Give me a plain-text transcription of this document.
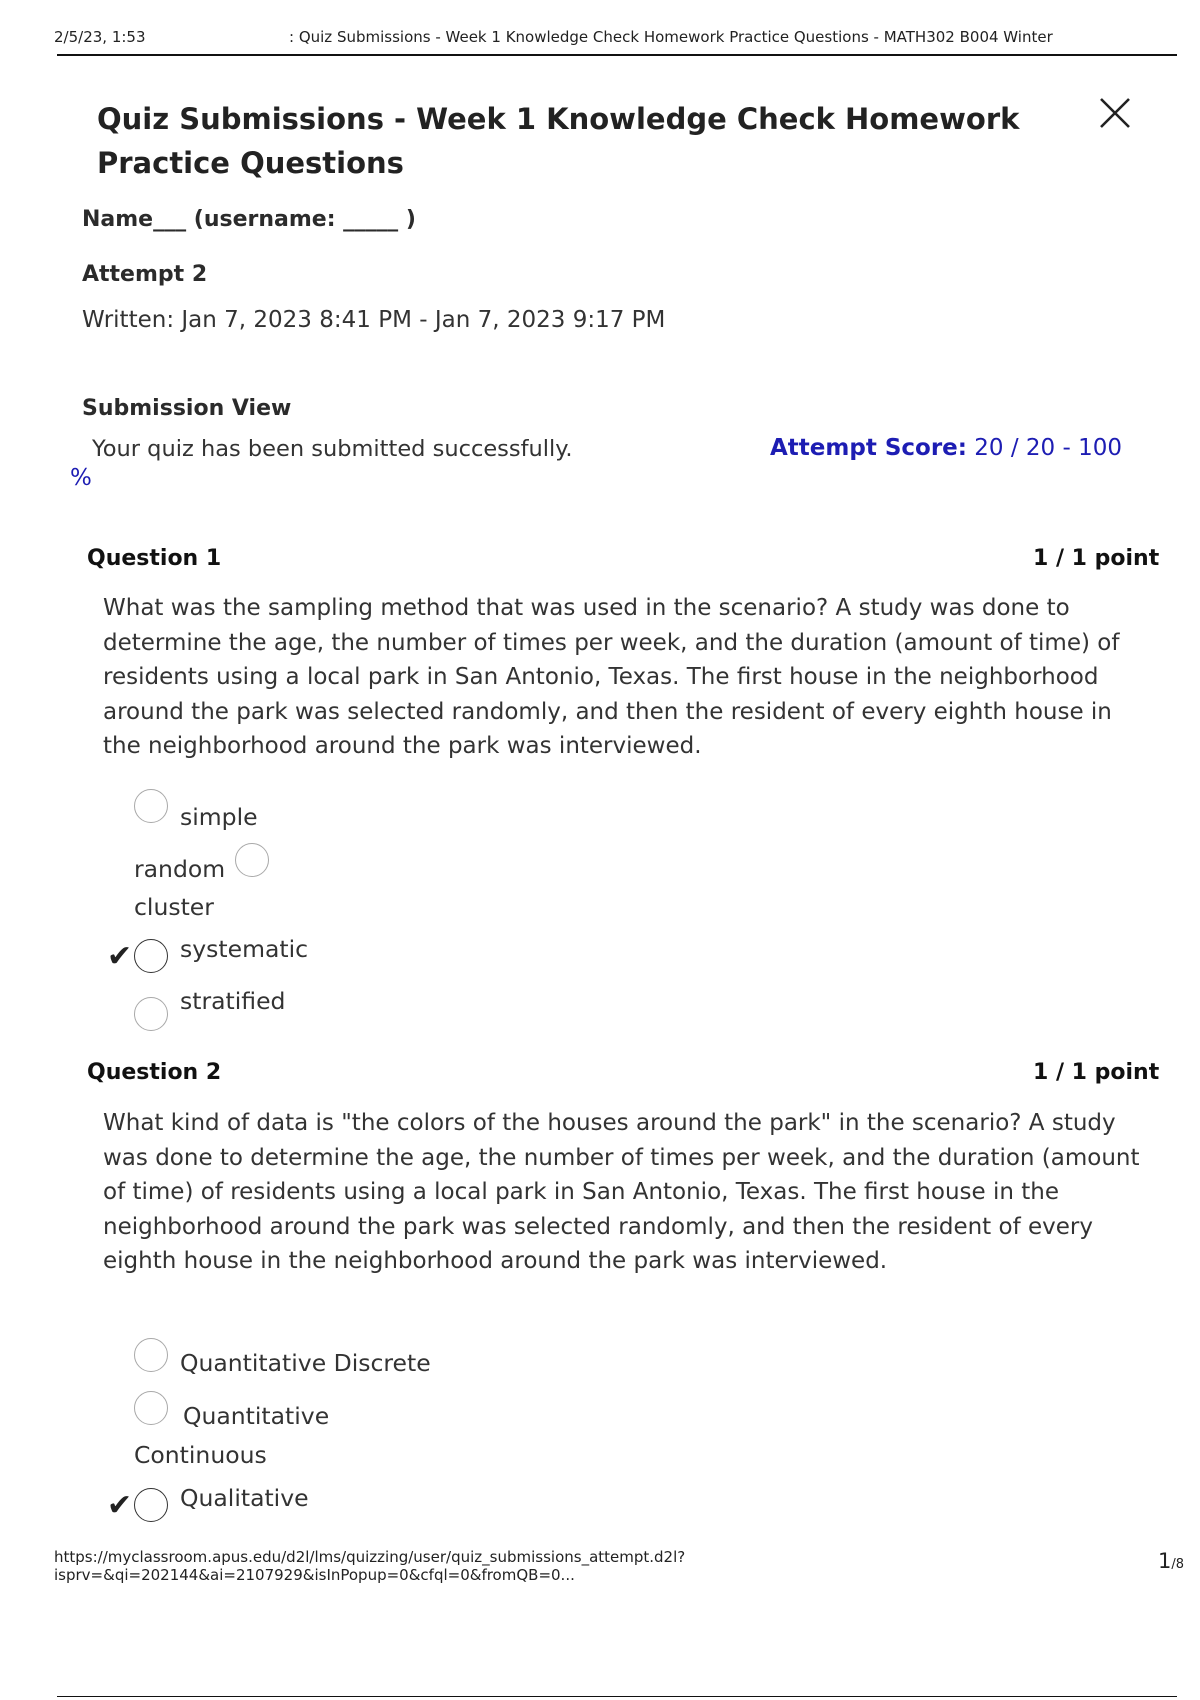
2/5/23, 1:53	: Quiz Submissions - Week 1 Knowledge Check Homework Practice Questions - MATH302 B004 Winter
Quiz Submissions - Week 1 Knowledge Check Homework Practice Questions
Name___ (username: _____ )
Attempt 2
Written: Jan 7, 2023 8:41 PM - Jan 7, 2023 9:17 PM
Submission View
Your quiz has been submitted successfully.	Attempt Score: 20 / 20 - 100
%
Question 1	1 / 1 point
What was the sampling method that was used in the scenario? A study was done to determine the age, the number of times per week, and the duration (amount of time) of residents using a local park in San Antonio, Texas. The first house in the neighborhood around the park was selected randomly, and then the resident of every eighth house in the neighborhood around the park was interviewed.
simple
random
cluster
✔ systematic
stratified
Question 2	1 / 1 point
What kind of data is "the colors of the houses around the park" in the scenario? A study was done to determine the age, the number of times per week, and the duration (amount of time) of residents using a local park in San Antonio, Texas. The first house in the neighborhood around the park was selected randomly, and then the resident of every eighth house in the neighborhood around the park was interviewed.
Quantitative Discrete
Quantitative
Continuous
✔ Qualitative
https://myclassroom.apus.edu/d2l/lms/quizzing/user/quiz_submissions_attempt.d2l?
isprv=&qi=202144&ai=2107929&isInPopup=0&cfql=0&fromQB=0...
1/8
